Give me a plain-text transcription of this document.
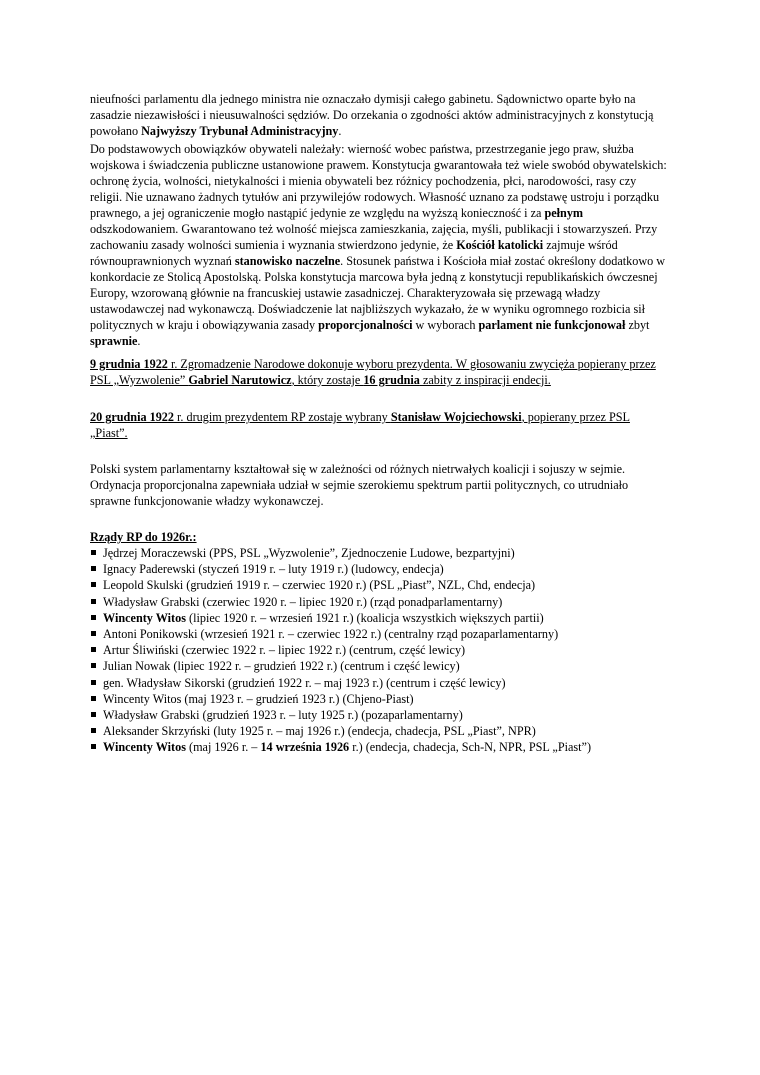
nieufności parlamentu dla jednego ministra nie oznaczało dymisji całego gabinetu. Sądownictwo oparte było na zasadzie niezawisłości i nieusuwalności sędziów. Do orzekania o zgodności aktów administracyjnych z konstytucją powołano Najwyższy Trybunał Administracyjny.

Do podstawowych obowiązków obywateli należały: wierność wobec państwa, przestrzeganie jego praw, służba wojskowa i świadczenia publiczne ustanowione prawem. Konstytucja gwarantowała też wiele swobód obywatelskich: ochronę życia, wolności, nietykalności i mienia obywateli bez różnicy pochodzenia, płci, narodowości, rasy czy religii. Nie uznawano żadnych tytułów ani przywilejów rodowych. Własność uznano za podstawę ustroju i porządku prawnego, a jej ograniczenie mogło nastąpić jedynie ze względu na wyższą konieczność i za pełnym odszkodowaniem. Gwarantowano też wolność miejsca zamieszkania, zajęcia, myśli, publikacji i stowarzyszeń. Przy zachowaniu zasady wolności sumienia i wyznania stwierdzono jedynie, że Kościół katolicki zajmuje wśród równouprawnionych wyznań stanowisko naczelne. Stosunek państwa i Kościoła miał zostać określony dodatkowo w konkordacie ze Stolicą Apostolską. Polska konstytucja marcowa była jedną z konstytucji republikańskich ówczesnej Europy, wzorowaną głównie na francuskiej ustawie zasadniczej. Charakteryzowała się przewagą władzy ustawodawczej nad wykonawczą. Doświadczenie lat najbliższych wykazało, że w wyniku ogromnego rozbicia sił politycznych w kraju i obowiązywania zasady proporcjonalności w wyborach parlament nie funkcjonował zbyt sprawnie.

9 grudnia 1922 r. Zgromadzenie Narodowe dokonuje wyboru prezydenta. W głosowaniu zwycięża popierany przez PSL „Wyzwolenie” Gabriel Narutowicz, który zostaje 16 grudnia zabity z inspiracji endecji.

20 grudnia 1922 r. drugim prezydentem RP zostaje wybrany Stanisław Wojciechowski, popierany przez PSL „Piast”.

Polski system parlamentarny kształtował się w zależności od różnych nietrwałych koalicji i sojuszy w sejmie. Ordynacja proporcjonalna zapewniała udział w sejmie szerokiemu spektrum partii politycznych, co utrudniało sprawne funkcjonowanie władzy wykonawczej.

Rządy RP do 1926r.:
Jędrzej Moraczewski (PPS, PSL „Wyzwolenie”, Zjednoczenie Ludowe, bezpartyjni)
Ignacy Paderewski (styczeń 1919 r. – luty 1919 r.) (ludowcy, endecja)
Leopold Skulski (grudzień 1919 r. – czerwiec 1920 r.) (PSL „Piast”, NZL, Chd, endecja)
Władysław Grabski (czerwiec 1920 r. – lipiec 1920 r.) (rząd ponadparlamentarny)
Wincenty Witos (lipiec 1920 r. – wrzesień 1921 r.) (koalicja wszystkich większych partii)
Antoni Ponikowski (wrzesień 1921 r. – czerwiec 1922 r.) (centralny rząd pozaparlamentarny)
Artur Śliwiński (czerwiec 1922 r. – lipiec 1922 r.) (centrum, część lewicy)
Julian Nowak (lipiec 1922 r. – grudzień 1922 r.) (centrum i część lewicy)
gen. Władysław Sikorski (grudzień 1922 r. – maj 1923 r.) (centrum i część lewicy)
Wincenty Witos (maj 1923 r. – grudzień 1923 r.) (Chjeno-Piast)
Władysław Grabski (grudzień 1923 r. – luty 1925 r.) (pozaparlamentarny)
Aleksander Skrzyński (luty 1925 r. – maj 1926 r.) (endecja, chadecja, PSL „Piast”, NPR)
Wincenty Witos (maj 1926 r. – 14 września 1926 r.) (endecja, chadecja, Sch-N, NPR, PSL „Piast”)
